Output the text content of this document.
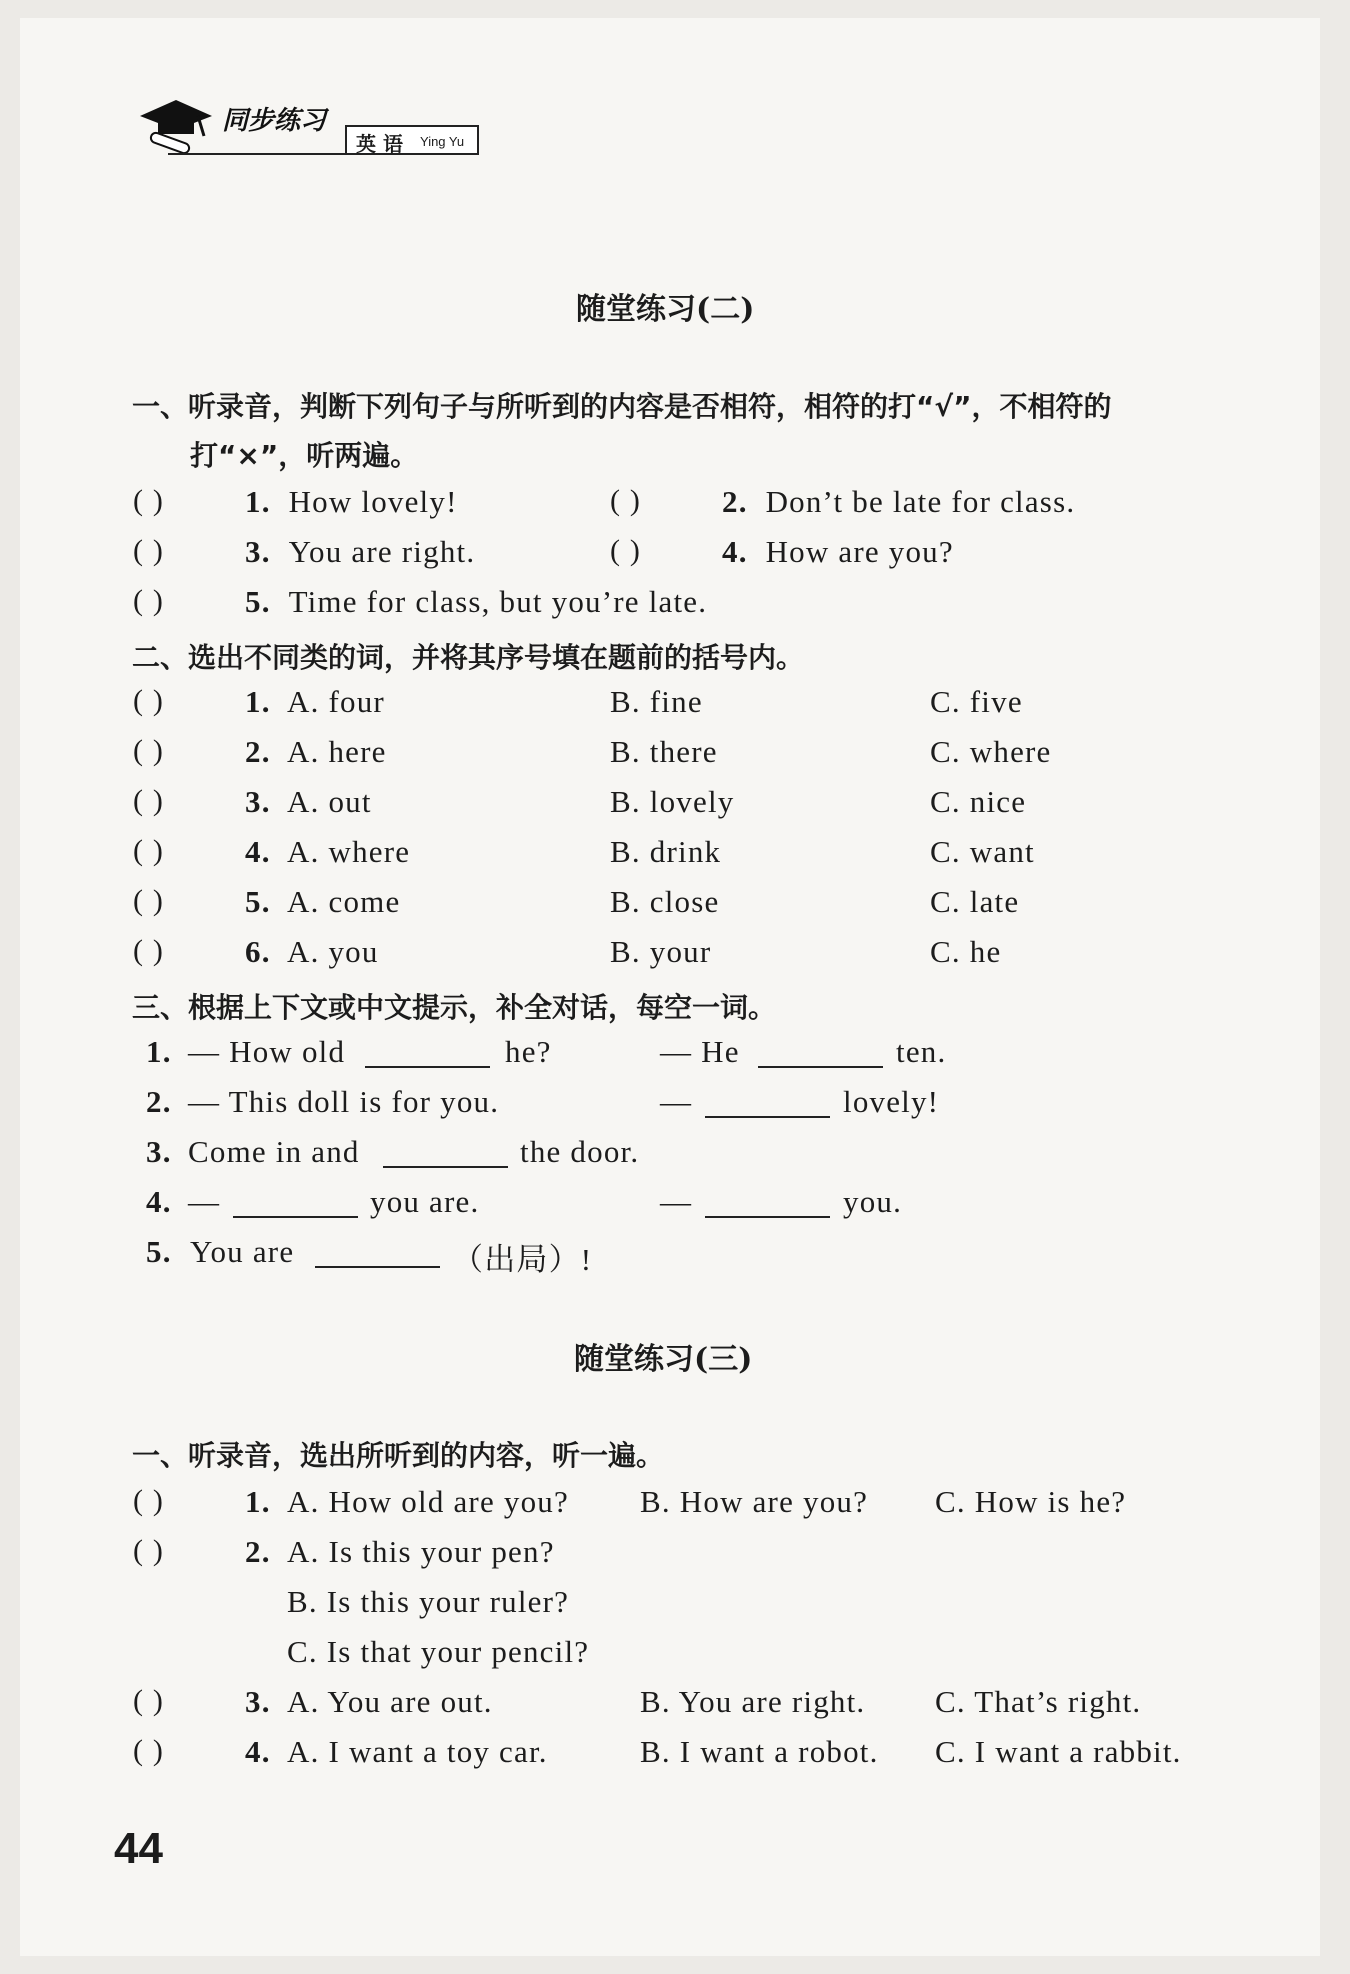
同步练习
英 语 Ying Yu
随堂练习(二)
一、听录音，判断下列句子与所听到的内容是否相符，相符的打“√”，不相符的
打“×”，听两遍。
( )	1. How lovely!	( )	2. Don’t be late for class.
( )	3. You are right.	( )	4. How are you?
( )	5. Time for class, but you’re late.
二、选出不同类的词，并将其序号填在题前的括号内。
( )	1. A. four	B. fine	C. five
( )	2. A. here	B. there	C. where
( )	3. A. out	B. lovely	C. nice
( )	4. A. where	B. drink	C. want
( )	5. A. come	B. close	C. late
( )	6. A. you	B. your	C. he
三、根据上下文或中文提示，补全对话，每空一词。
1. — How old	he?	— He	ten.
2. — This doll is for you.	—	lovely!
3. Come in and	the door.
4. —	you are.	—	you.
5. You are	（出局）!
随堂练习(三)
一、听录音，选出所听到的内容，听一遍。
( )	1. A. How old are you? B. How are you? C. How is he?
( )	2. A. Is this your pen?
B. Is this your ruler?
C. Is that your pencil?
( )	3. A. You are out.	B. You are right. C. That’s right.
( )	4. A. I want a toy car.	B. I want a robot. C. I want a rabbit.
44
